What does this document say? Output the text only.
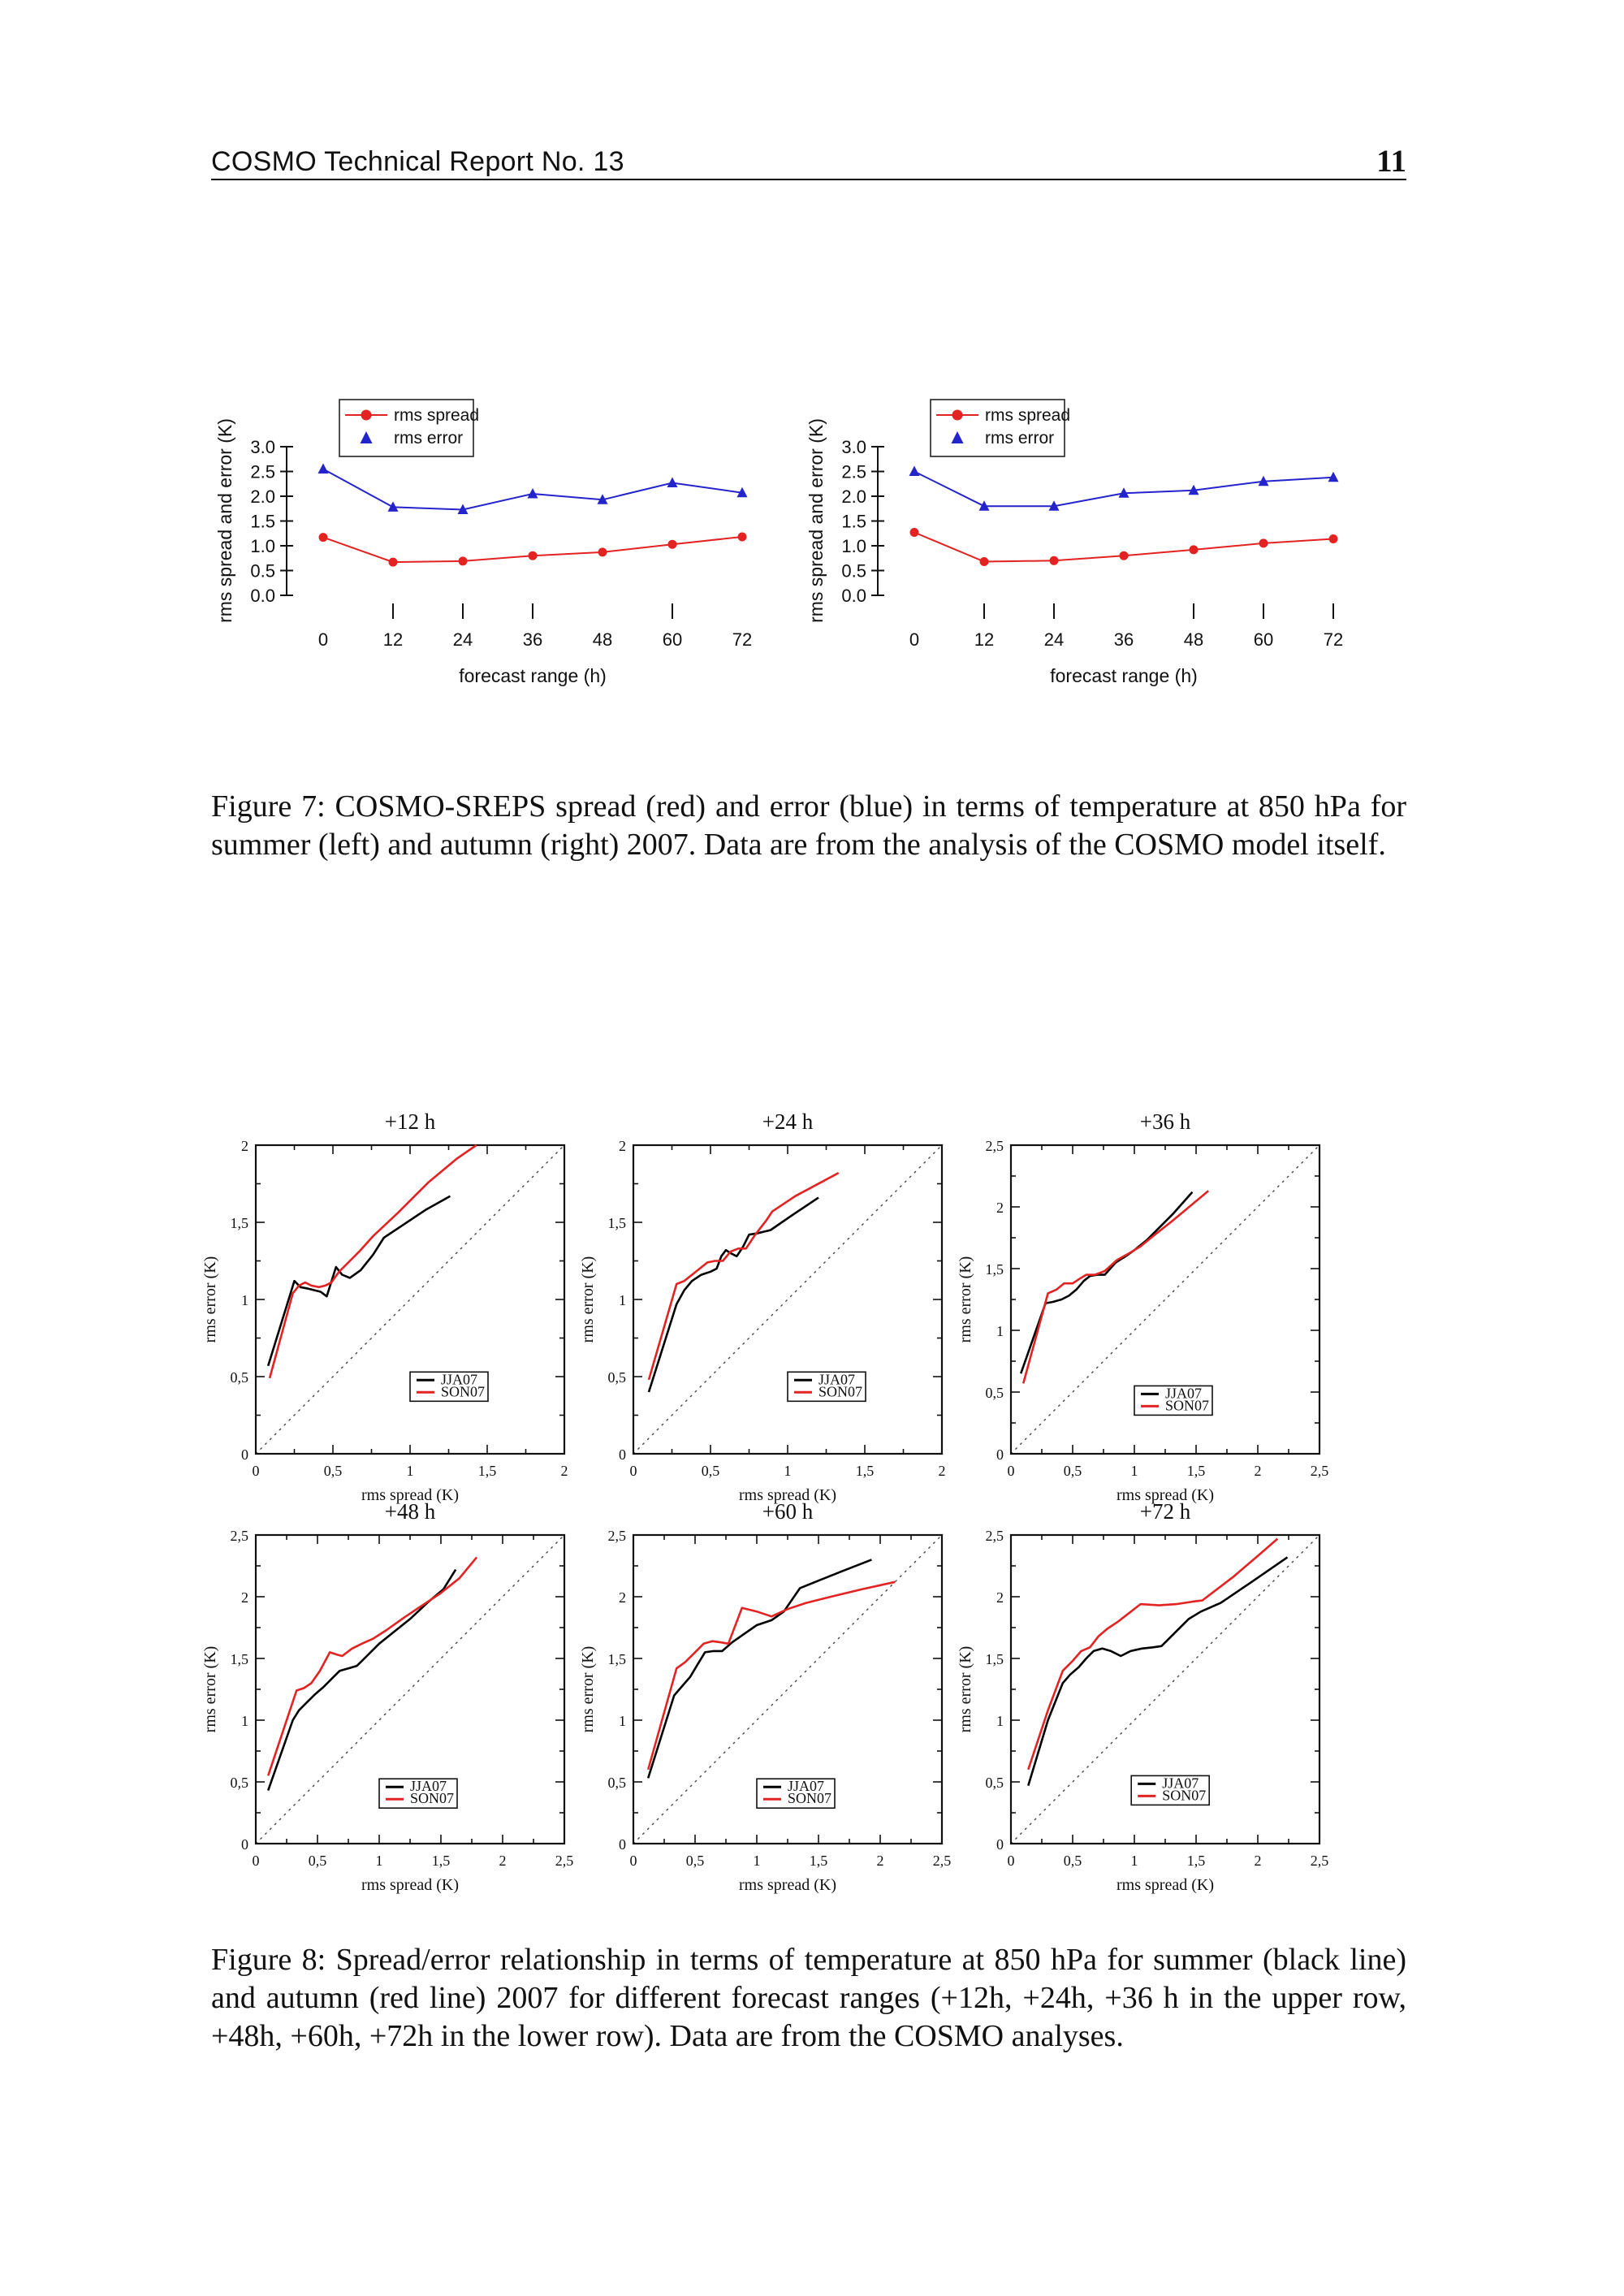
COSMO Technical Report No. 13	11
0.0
0.5
1.0
1.5
2.0
2.5
3.0
0	12	24	36	48	60	72
forecast range (h)
rms spread and error (K)
rms spread
rms error
0.0
0.5
1.0
1.5
2.0
2.5
3.0
0	12	24	36	48	60	72
forecast range (h)
rms spread and error (K)
rms spread
rms error

Figure 7: COSMO-SREPS spread (red) and error (blue) in terms of temperature at 850 hPa for summer (left) and autumn (right) 2007. Data are from the analysis of the COSMO model itself.

+12 h
0	0,5	1	1,5	2
0
0,5
1
1,5
2
rms spread (K)
rms error (K)
JJA07
SON07
+24 h
0	0,5	1	1,5	2
0
0,5
1
1,5
2
rms spread (K)
rms error (K)
JJA07
SON07
+36 h
0	0,5	1	1,5	2	2,5
0
0,5
1
1,5
2
2,5
rms spread (K)
rms error (K)
JJA07
SON07
+48 h
0	0,5	1	1,5	2	2,5
0
0,5
1
1,5
2
2,5
rms spread (K)
rms error (K)
JJA07
SON07
+60 h
0	0,5	1	1,5	2	2,5
0
0,5
1
1,5
2
2,5
rms spread (K)
rms error (K)
JJA07
SON07
+72 h
0	0,5	1	1,5	2	2,5
0
0,5
1
1,5
2
2,5
rms spread (K)
rms error (K)
JJA07
SON07

Figure 8: Spread/error relationship in terms of temperature at 850 hPa for summer (black line) and autumn (red line) 2007 for different forecast ranges (+12h, +24h, +36 h in the upper row, +48h, +60h, +72h in the lower row). Data are from the COSMO analyses.
